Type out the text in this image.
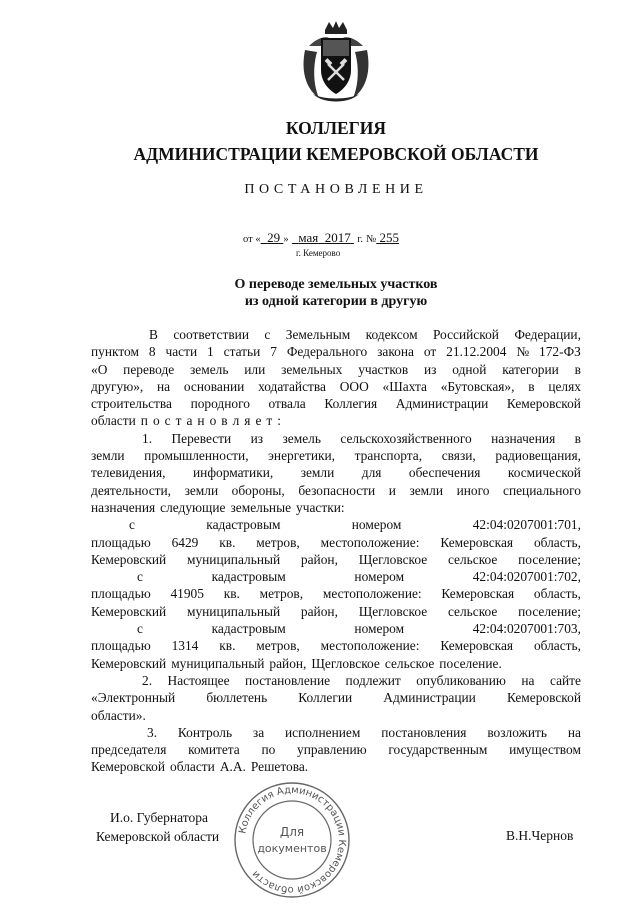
КОЛЛЕГИЯ
АДМИНИСТРАЦИИ КЕМЕРОВСКОЙ ОБЛАСТИ
ПОСТАНОВЛЕНИЕ
от « 29 » мая 2017 г. № 255
г. Кемерово
О переводе земельных участков
из одной категории в другую
В соответствии с Земельным кодексом Российской Федерации,
пунктом 8 части 1 статьи 7 Федерального закона от 21.12.2004 № 172-ФЗ
«О переводе земель или земельных участков из одной категории в
другую», на основании ходатайства ООО «Шахта «Бутовская», в целях
строительства породного отвала Коллегия Администрации Кемеровской
области п о с т а н о в л я е т :
1. Перевести из земель сельскохозяйственного назначения в
земли промышленности, энергетики, транспорта, связи, радиовещания,
телевидения, информатики, земли для обеспечения космической
деятельности, земли обороны, безопасности и земли иного специального
назначения следующие земельные участки:
с	кадастровым	номером	42:04:0207001:701,
площадью 6429 кв. метров, местоположение: Кемеровская область,
Кемеровский муниципальный район, Щегловское сельское поселение;
с	кадастровым	номером	42:04:0207001:702,
площадью 41905 кв. метров, местоположение: Кемеровская область,
Кемеровский муниципальный район, Щегловское сельское поселение;
с	кадастровым	номером	42:04:0207001:703,
площадью 1314 кв. метров, местоположение: Кемеровская область,
Кемеровский муниципальный район, Щегловское сельское поселение.
2. Настоящее постановление подлежит опубликованию на сайте
«Электронный бюллетень Коллегии Администрации Кемеровской
области».
3. Контроль за исполнением постановления возложить на
председателя комитета по управлению государственным имуществом
Кемеровской области А.А. Решетова.
И.о. Губернатора
Кемеровской области	В.Н.Чернов
Коллегия Администрации Кемеровской области
Для
документов
